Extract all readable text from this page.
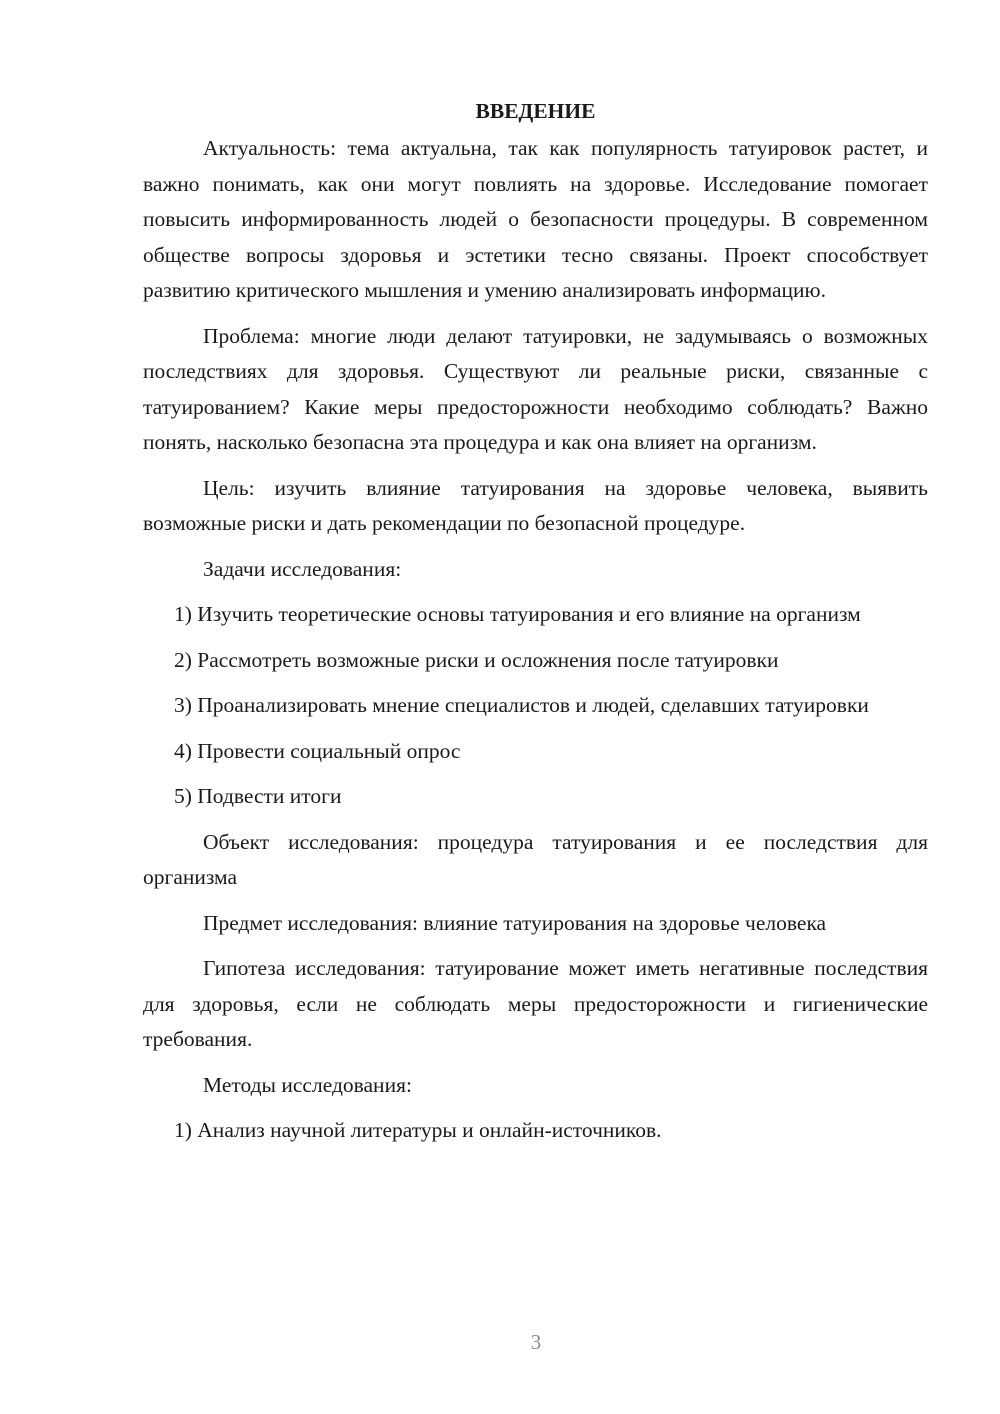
ВВЕДЕНИЕ

Актуальность: тема актуальна, так как популярность татуировок растет, и важно понимать, как они могут повлиять на здоровье. Исследование помогает повысить информированность людей о безопасности процедуры. В современном обществе вопросы здоровья и эстетики тесно связаны. Проект способствует развитию критического мышления и умению анализировать информацию.

Проблема: многие люди делают татуировки, не задумываясь о возможных последствиях для здоровья. Существуют ли реальные риски, связанные с татуированием? Какие меры предосторожности необходимо соблюдать? Важно понять, насколько безопасна эта процедура и как она влияет на организм.

Цель: изучить влияние татуирования на здоровье человека, выявить возможные риски и дать рекомендации по безопасной процедуре.

Задачи исследования:

1) Изучить теоретические основы татуирования и его влияние на организм

2) Рассмотреть возможные риски и осложнения после татуировки

3) Проанализировать мнение специалистов и людей, сделавших татуировки

4) Провести социальный опрос

5) Подвести итоги

Объект исследования: процедура татуирования и ее последствия для организма

Предмет исследования: влияние татуирования на здоровье человека

Гипотеза исследования: татуирование может иметь негативные последствия для здоровья, если не соблюдать меры предосторожности и гигиенические требования.

Методы исследования:

1) Анализ научной литературы и онлайн-источников.

3
